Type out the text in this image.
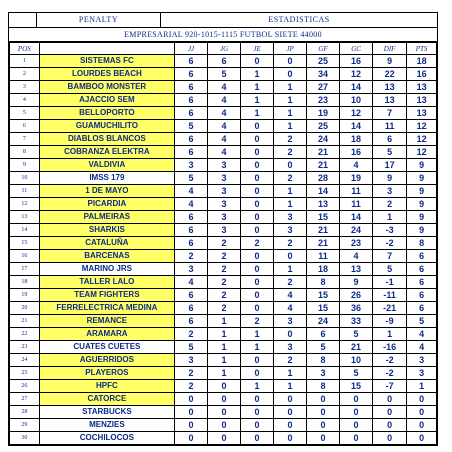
PENALTY	ESTADISTICAS
EMPRESARIAL 920-1015-1115 FUTBOL SIETE 44000
POS		JJ	JG	JE	JP	GF	GC	DIF	PTS
1	SISTEMAS FC	6	6	0	0	25	16	9	18
2	LOURDES BEACH	6	5	1	0	34	12	22	16
3	BAMBOO MONSTER	6	4	1	1	27	14	13	13
4	AJACCIO SEM	6	4	1	1	23	10	13	13
5	BELLOPORTO	6	4	1	1	19	12	7	13
6	GUAMUCHILITO	5	4	0	1	25	14	11	12
7	DIABLOS BLANCOS	6	4	0	2	24	18	6	12
8	COBRANZA ELEKTRA	6	4	0	2	21	16	5	12
9	VALDIVIA	3	3	0	0	21	4	17	9
10	IMSS 179	5	3	0	2	28	19	9	9
11	1 DE MAYO	4	3	0	1	14	11	3	9
12	PICARDIA	4	3	0	1	13	11	2	9
13	PALMEIRAS	6	3	0	3	15	14	1	9
14	SHARKIS	6	3	0	3	21	24	-3	9
15	CATALUÑA	6	2	2	2	21	23	-2	8
16	BARCENAS	2	2	0	0	11	4	7	6
17	MARINO JRS	3	2	0	1	18	13	5	6
18	TALLER LALO	4	2	0	2	8	9	-1	6
19	TEAM FIGHTERS	6	2	0	4	15	26	-11	6
20	FERRELECTRICA MEDINA	6	2	0	4	15	36	-21	6
21	REMANCE	6	1	2	3	24	33	-9	5
22	ARAMARA	2	1	1	0	6	5	1	4
23	CUATES CUETES	5	1	1	3	5	21	-16	4
24	AGUERRIDOS	3	1	0	2	8	10	-2	3
25	PLAYEROS	2	1	0	1	3	5	-2	3
26	HPFC	2	0	1	1	8	15	-7	1
27	CATORCE	0	0	0	0	0	0	0	0
28	STARBUCKS	0	0	0	0	0	0	0	0
29	MENZIES	0	0	0	0	0	0	0	0
30	COCHILOCOS	0	0	0	0	0	0	0	0
